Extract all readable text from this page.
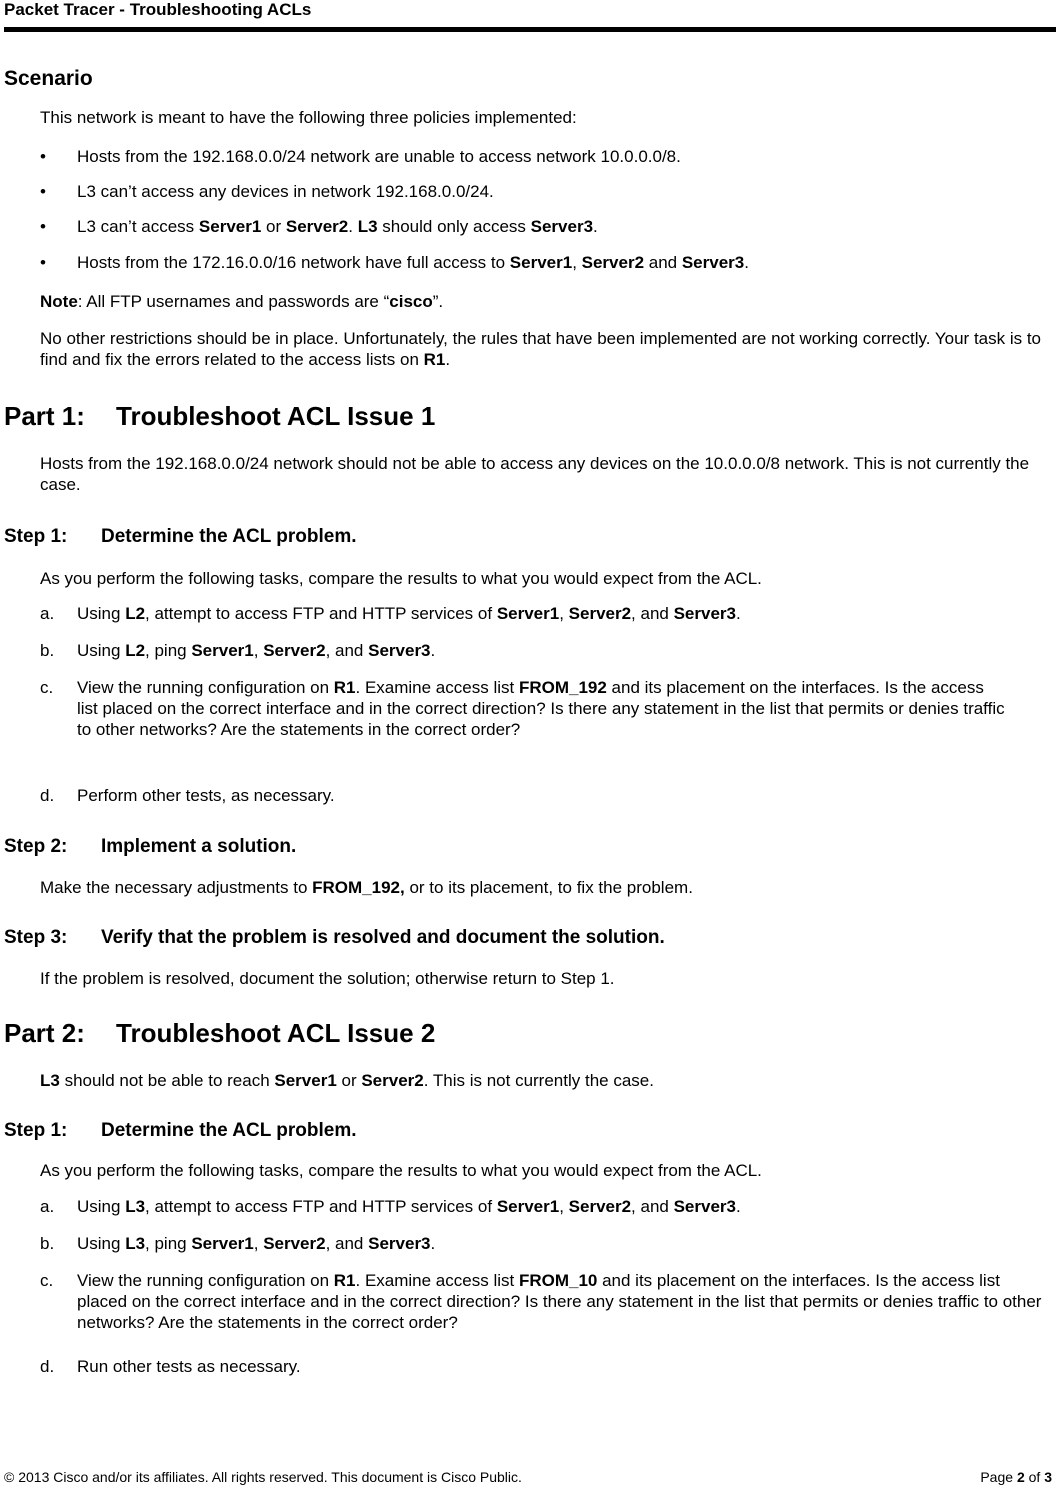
Packet Tracer - Troubleshooting ACLs
Scenario
This network is meant to have the following three policies implemented:
•	Hosts from the 192.168.0.0/24 network are unable to access network 10.0.0.0/8.
•	L3 can’t access any devices in network 192.168.0.0/24.
•	L3 can’t access Server1 or Server2. L3 should only access Server3.
•	Hosts from the 172.16.0.0/16 network have full access to Server1, Server2 and Server3.
Note: All FTP usernames and passwords are “cisco”.
No other restrictions should be in place. Unfortunately, the rules that have been implemented are not working correctly. Your task is to find and fix the errors related to the access lists on R1.
Part 1: Troubleshoot ACL Issue 1
Hosts from the 192.168.0.0/24 network should not be able to access any devices on the 10.0.0.0/8 network. This is not currently the case.
Step 1: Determine the ACL problem.
As you perform the following tasks, compare the results to what you would expect from the ACL.
a.	Using L2, attempt to access FTP and HTTP services of Server1, Server2, and Server3.
b.	Using L2, ping Server1, Server2, and Server3.
c.	View the running configuration on R1. Examine access list FROM_192 and its placement on the interfaces. Is the access list placed on the correct interface and in the correct direction? Is there any statement in the list that permits or denies traffic to other networks? Are the statements in the correct order?
d.	Perform other tests, as necessary.
Step 2: Implement a solution.
Make the necessary adjustments to FROM_192, or to its placement, to fix the problem.
Step 3: Verify that the problem is resolved and document the solution.
If the problem is resolved, document the solution; otherwise return to Step 1.
Part 2: Troubleshoot ACL Issue 2
L3 should not be able to reach Server1 or Server2. This is not currently the case.
Step 1: Determine the ACL problem.
As you perform the following tasks, compare the results to what you would expect from the ACL.
a.	Using L3, attempt to access FTP and HTTP services of Server1, Server2, and Server3.
b.	Using L3, ping Server1, Server2, and Server3.
c.	View the running configuration on R1. Examine access list FROM_10 and its placement on the interfaces. Is the access list placed on the correct interface and in the correct direction? Is there any statement in the list that permits or denies traffic to other networks? Are the statements in the correct order?
d.	Run other tests as necessary.
© 2013 Cisco and/or its affiliates. All rights reserved. This document is Cisco Public.	Page 2 of 3
